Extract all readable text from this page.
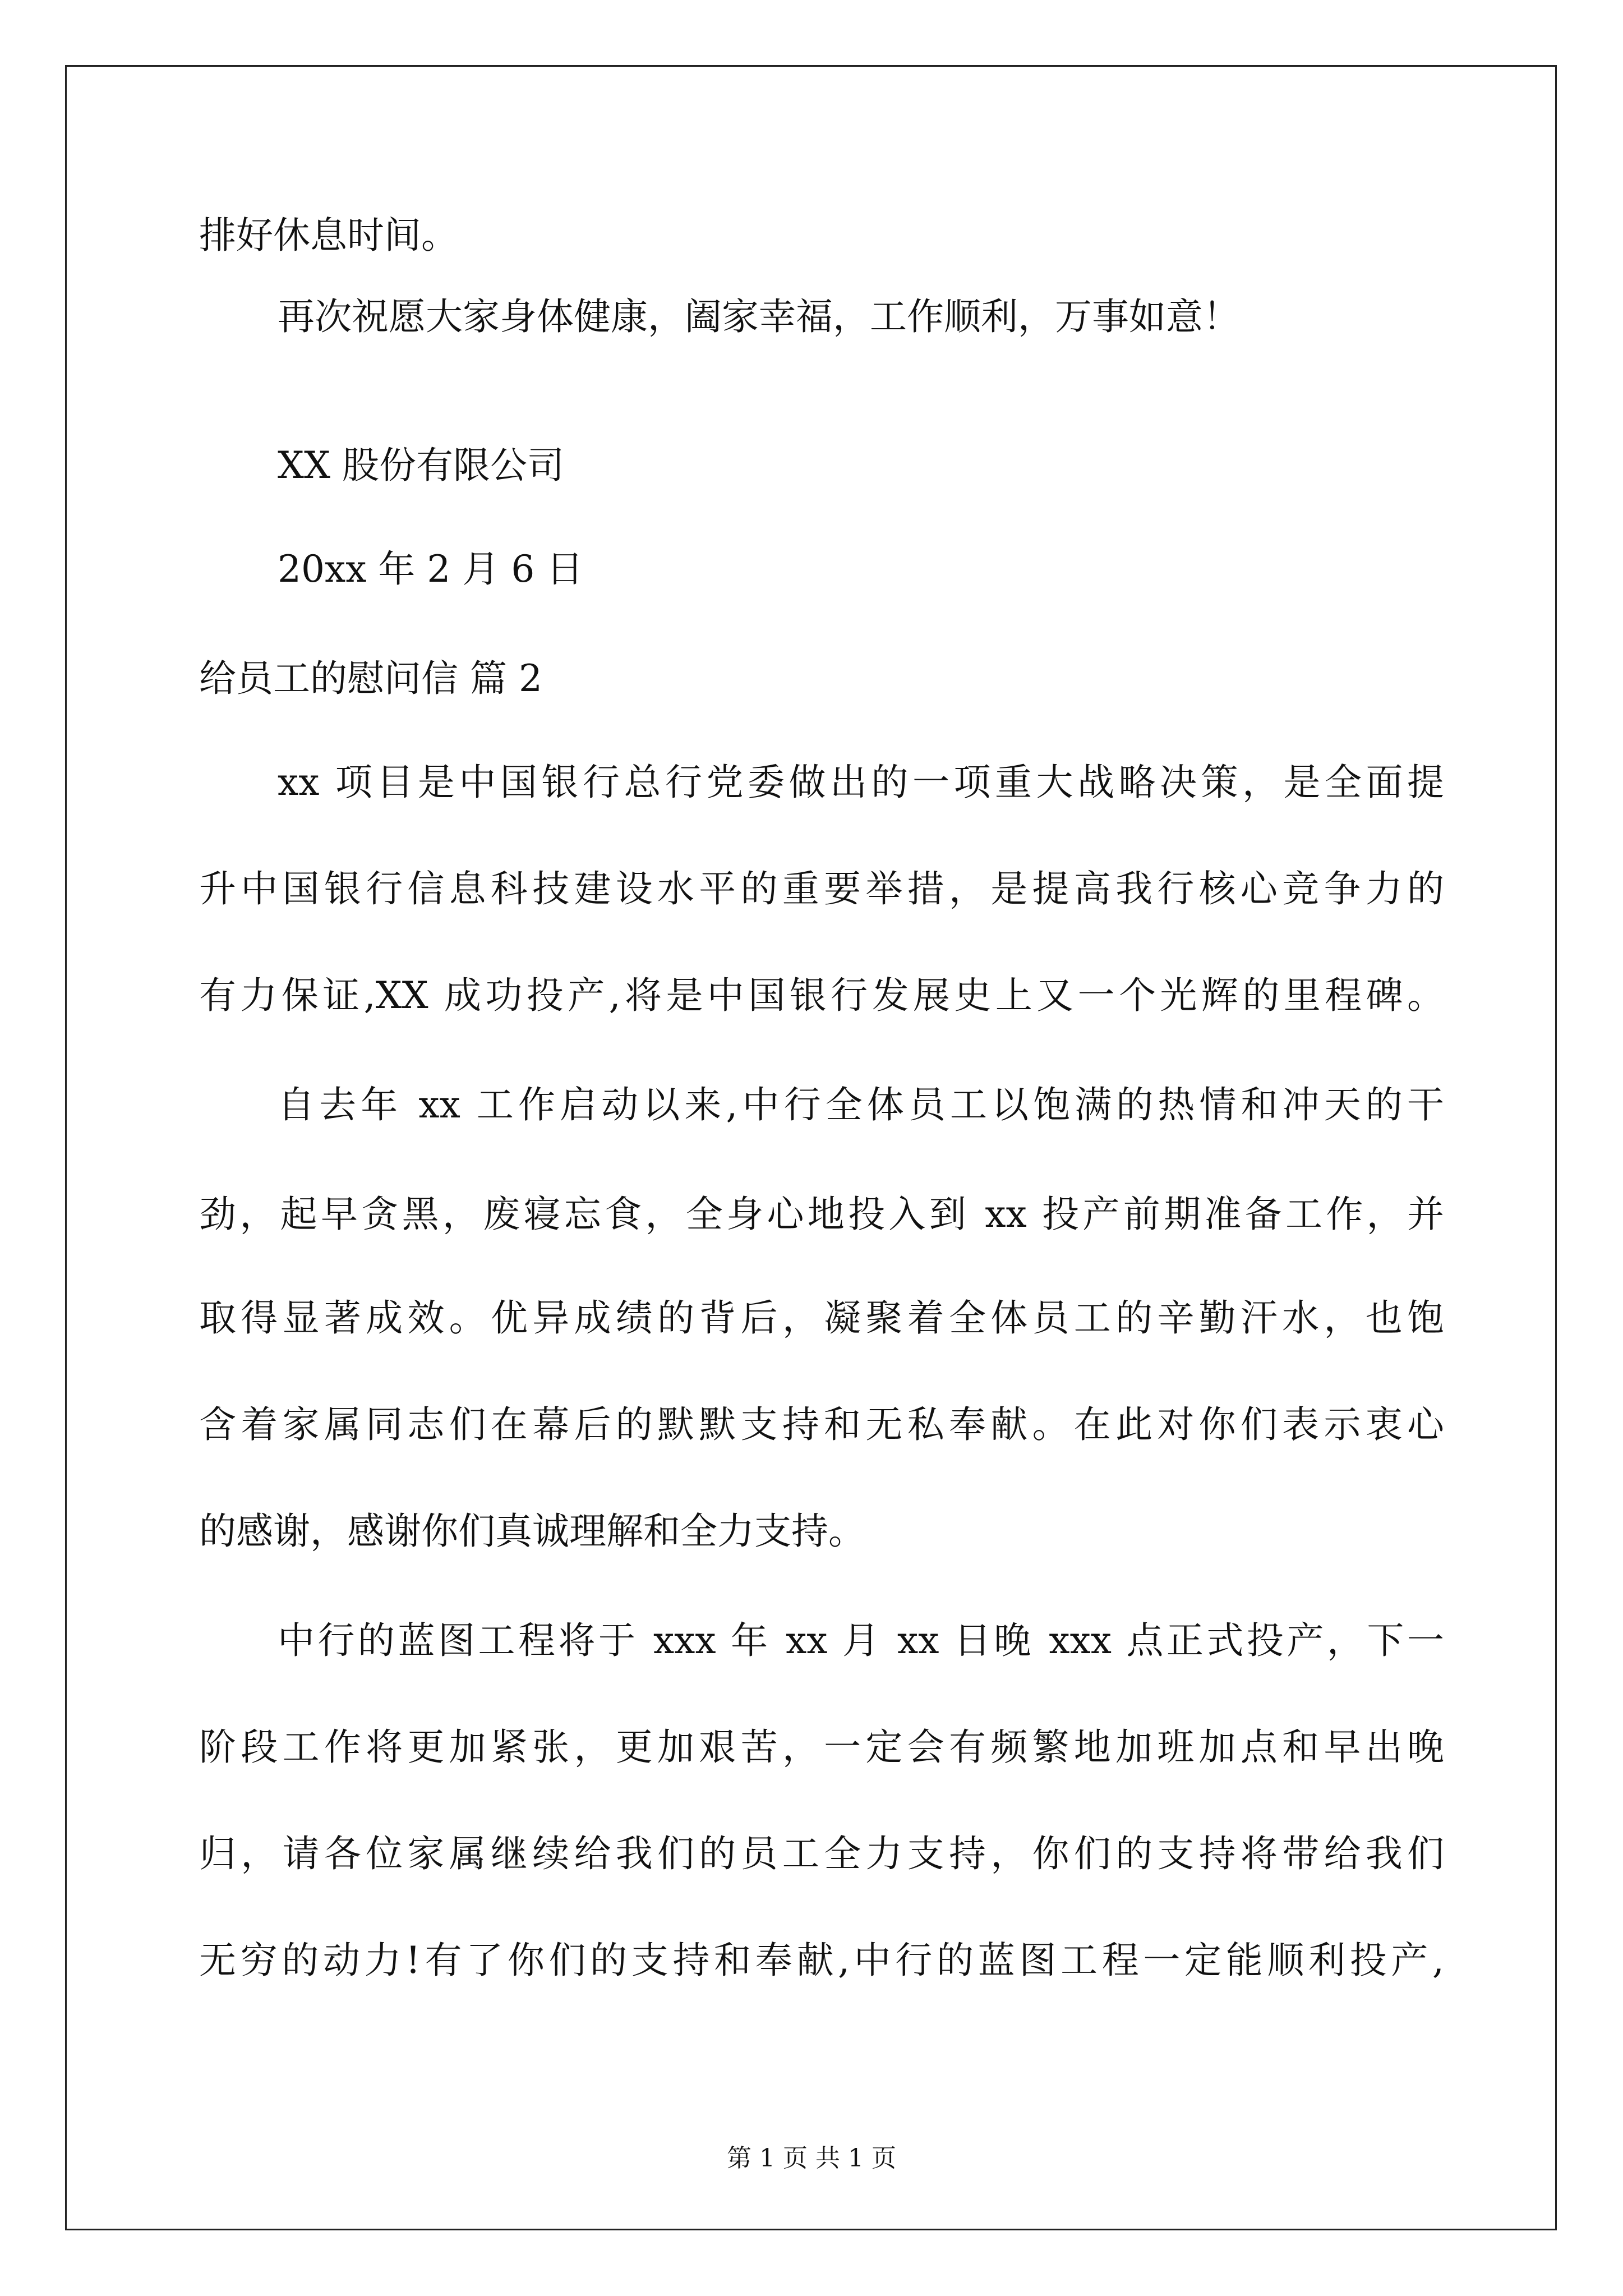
排好休息时间。
再次祝愿大家身体健康，阖家幸福，工作顺利，万事如意！
XX 股份有限公司
20xx 年 2 月 6 日
给员工的慰问信 篇 2
xx 项目是中国银行总行党委做出的一项重大战略决策，是全面提
升中国银行信息科技建设水平的重要举措，是提高我行核心竞争力的
有力保证,XX 成功投产,将是中国银行发展史上又一个光辉的里程碑。
自去年 xx 工作启动以来,中行全体员工以饱满的热情和冲天的干
劲，起早贪黑，废寝忘食，全身心地投入到 xx 投产前期准备工作，并
取得显著成效。优异成绩的背后，凝聚着全体员工的辛勤汗水，也饱
含着家属同志们在幕后的默默支持和无私奉献。在此对你们表示衷心
的感谢，感谢你们真诚理解和全力支持。
中行的蓝图工程将于 xxx 年 xx 月 xx 日晚 xxx 点正式投产，下一
阶段工作将更加紧张，更加艰苦，一定会有频繁地加班加点和早出晚
归，请各位家属继续给我们的员工全力支持，你们的支持将带给我们
无穷的动力!有了你们的支持和奉献,中行的蓝图工程一定能顺利投产,
第 1 页 共 1 页
